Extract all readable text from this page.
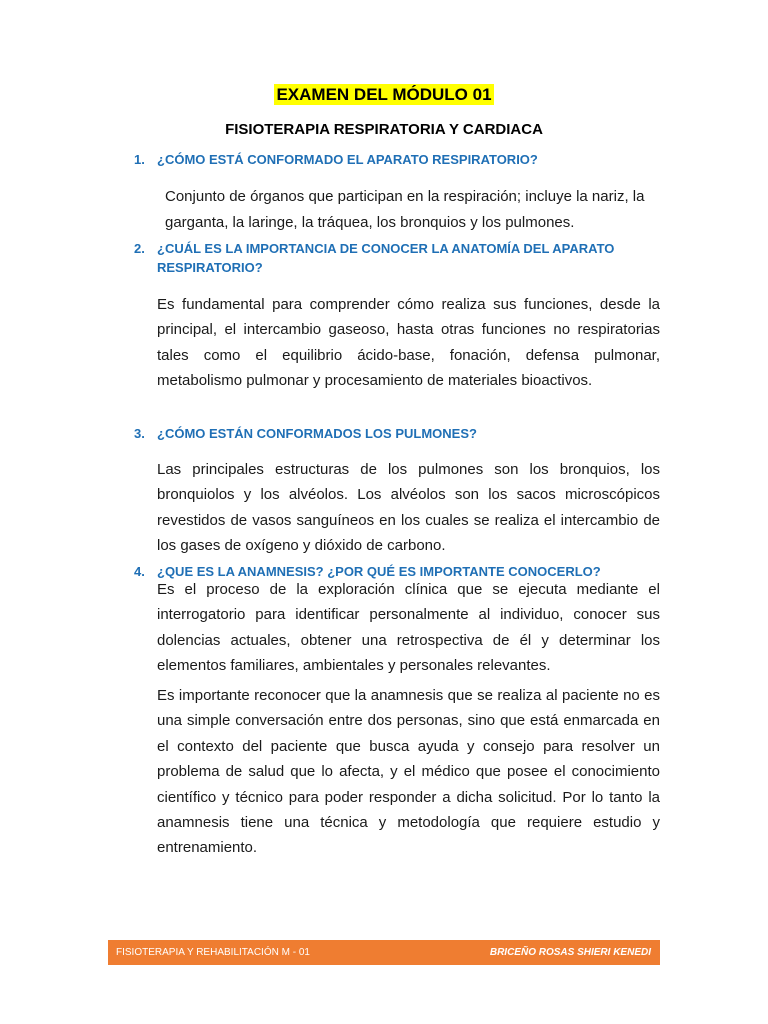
EXAMEN DEL MÓDULO 01
FISIOTERAPIA RESPIRATORIA Y CARDIACA
1. ¿CÓMO ESTÁ CONFORMADO EL APARATO RESPIRATORIO?
Conjunto de órganos que participan en la respiración; incluye la nariz, la garganta, la laringe, la tráquea, los bronquios y los pulmones.
2. ¿CUÁL ES LA IMPORTANCIA DE CONOCER LA ANATOMÍA DEL APARATO RESPIRATORIO?
Es fundamental para comprender cómo realiza sus funciones, desde la principal, el intercambio gaseoso, hasta otras funciones no respiratorias tales como el equilibrio ácido-base, fonación, defensa pulmonar, metabolismo pulmonar y procesamiento de materiales bioactivos.
3. ¿CÓMO ESTÁN CONFORMADOS LOS PULMONES?
Las principales estructuras de los pulmones son los bronquios, los bronquiolos y los alvéolos. Los alvéolos son los sacos microscópicos revestidos de vasos sanguíneos en los cuales se realiza el intercambio de los gases de oxígeno y dióxido de carbono.
4. ¿QUE ES LA ANAMNESIS? ¿POR QUÉ ES IMPORTANTE CONOCERLO?
Es el proceso de la exploración clínica que se ejecuta mediante el interrogatorio para identificar personalmente al individuo, conocer sus dolencias actuales, obtener una retrospectiva de él y determinar los elementos familiares, ambientales y personales relevantes.
Es importante reconocer que la anamnesis que se realiza al paciente no es una simple conversación entre dos personas, sino que está enmarcada en el contexto del paciente que busca ayuda y consejo para resolver un problema de salud que lo afecta, y el médico que posee el conocimiento científico y técnico para poder responder a dicha solicitud. Por lo tanto la anamnesis tiene una técnica y metodología que requiere estudio y entrenamiento.
FISIOTERAPIA Y REHABILITACIÓN M - 01	BRICEÑO ROSAS SHIERI KENEDI
